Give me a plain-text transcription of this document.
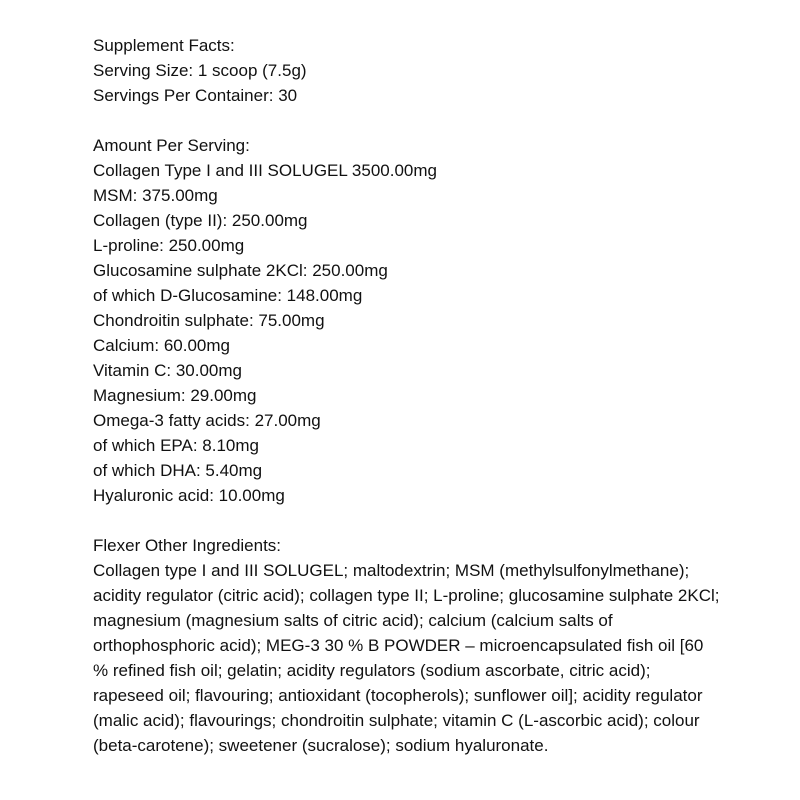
Supplement Facts:
Serving Size: 1 scoop (7.5g)
Servings Per Container: 30
Amount Per Serving:
Collagen Type I and III SOLUGEL 3500.00mg
MSM: 375.00mg
Collagen (type II): 250.00mg
L-proline: 250.00mg
Glucosamine sulphate 2KCl: 250.00mg
of which D-Glucosamine: 148.00mg
Chondroitin sulphate: 75.00mg
Calcium: 60.00mg
Vitamin C: 30.00mg
Magnesium: 29.00mg
Omega-3 fatty acids: 27.00mg
of which EPA: 8.10mg
of which DHA: 5.40mg
Hyaluronic acid: 10.00mg
Flexer Other Ingredients:
Collagen type I and III SOLUGEL; maltodextrin; MSM (methylsulfonylmethane); acidity regulator (citric acid); collagen type II; L-proline; glucosamine sulphate 2KCl; magnesium (magnesium salts of citric acid); calcium (calcium salts of orthophosphoric acid); MEG-3 30 % B POWDER – microencapsulated fish oil [60 % refined fish oil; gelatin; acidity regulators (sodium ascorbate, citric acid); rapeseed oil; flavouring; antioxidant (tocopherols); sunflower oil]; acidity regulator (malic acid); flavourings; chondroitin sulphate; vitamin C (L-ascorbic acid); colour (beta-carotene); sweetener (sucralose); sodium hyaluronate.
